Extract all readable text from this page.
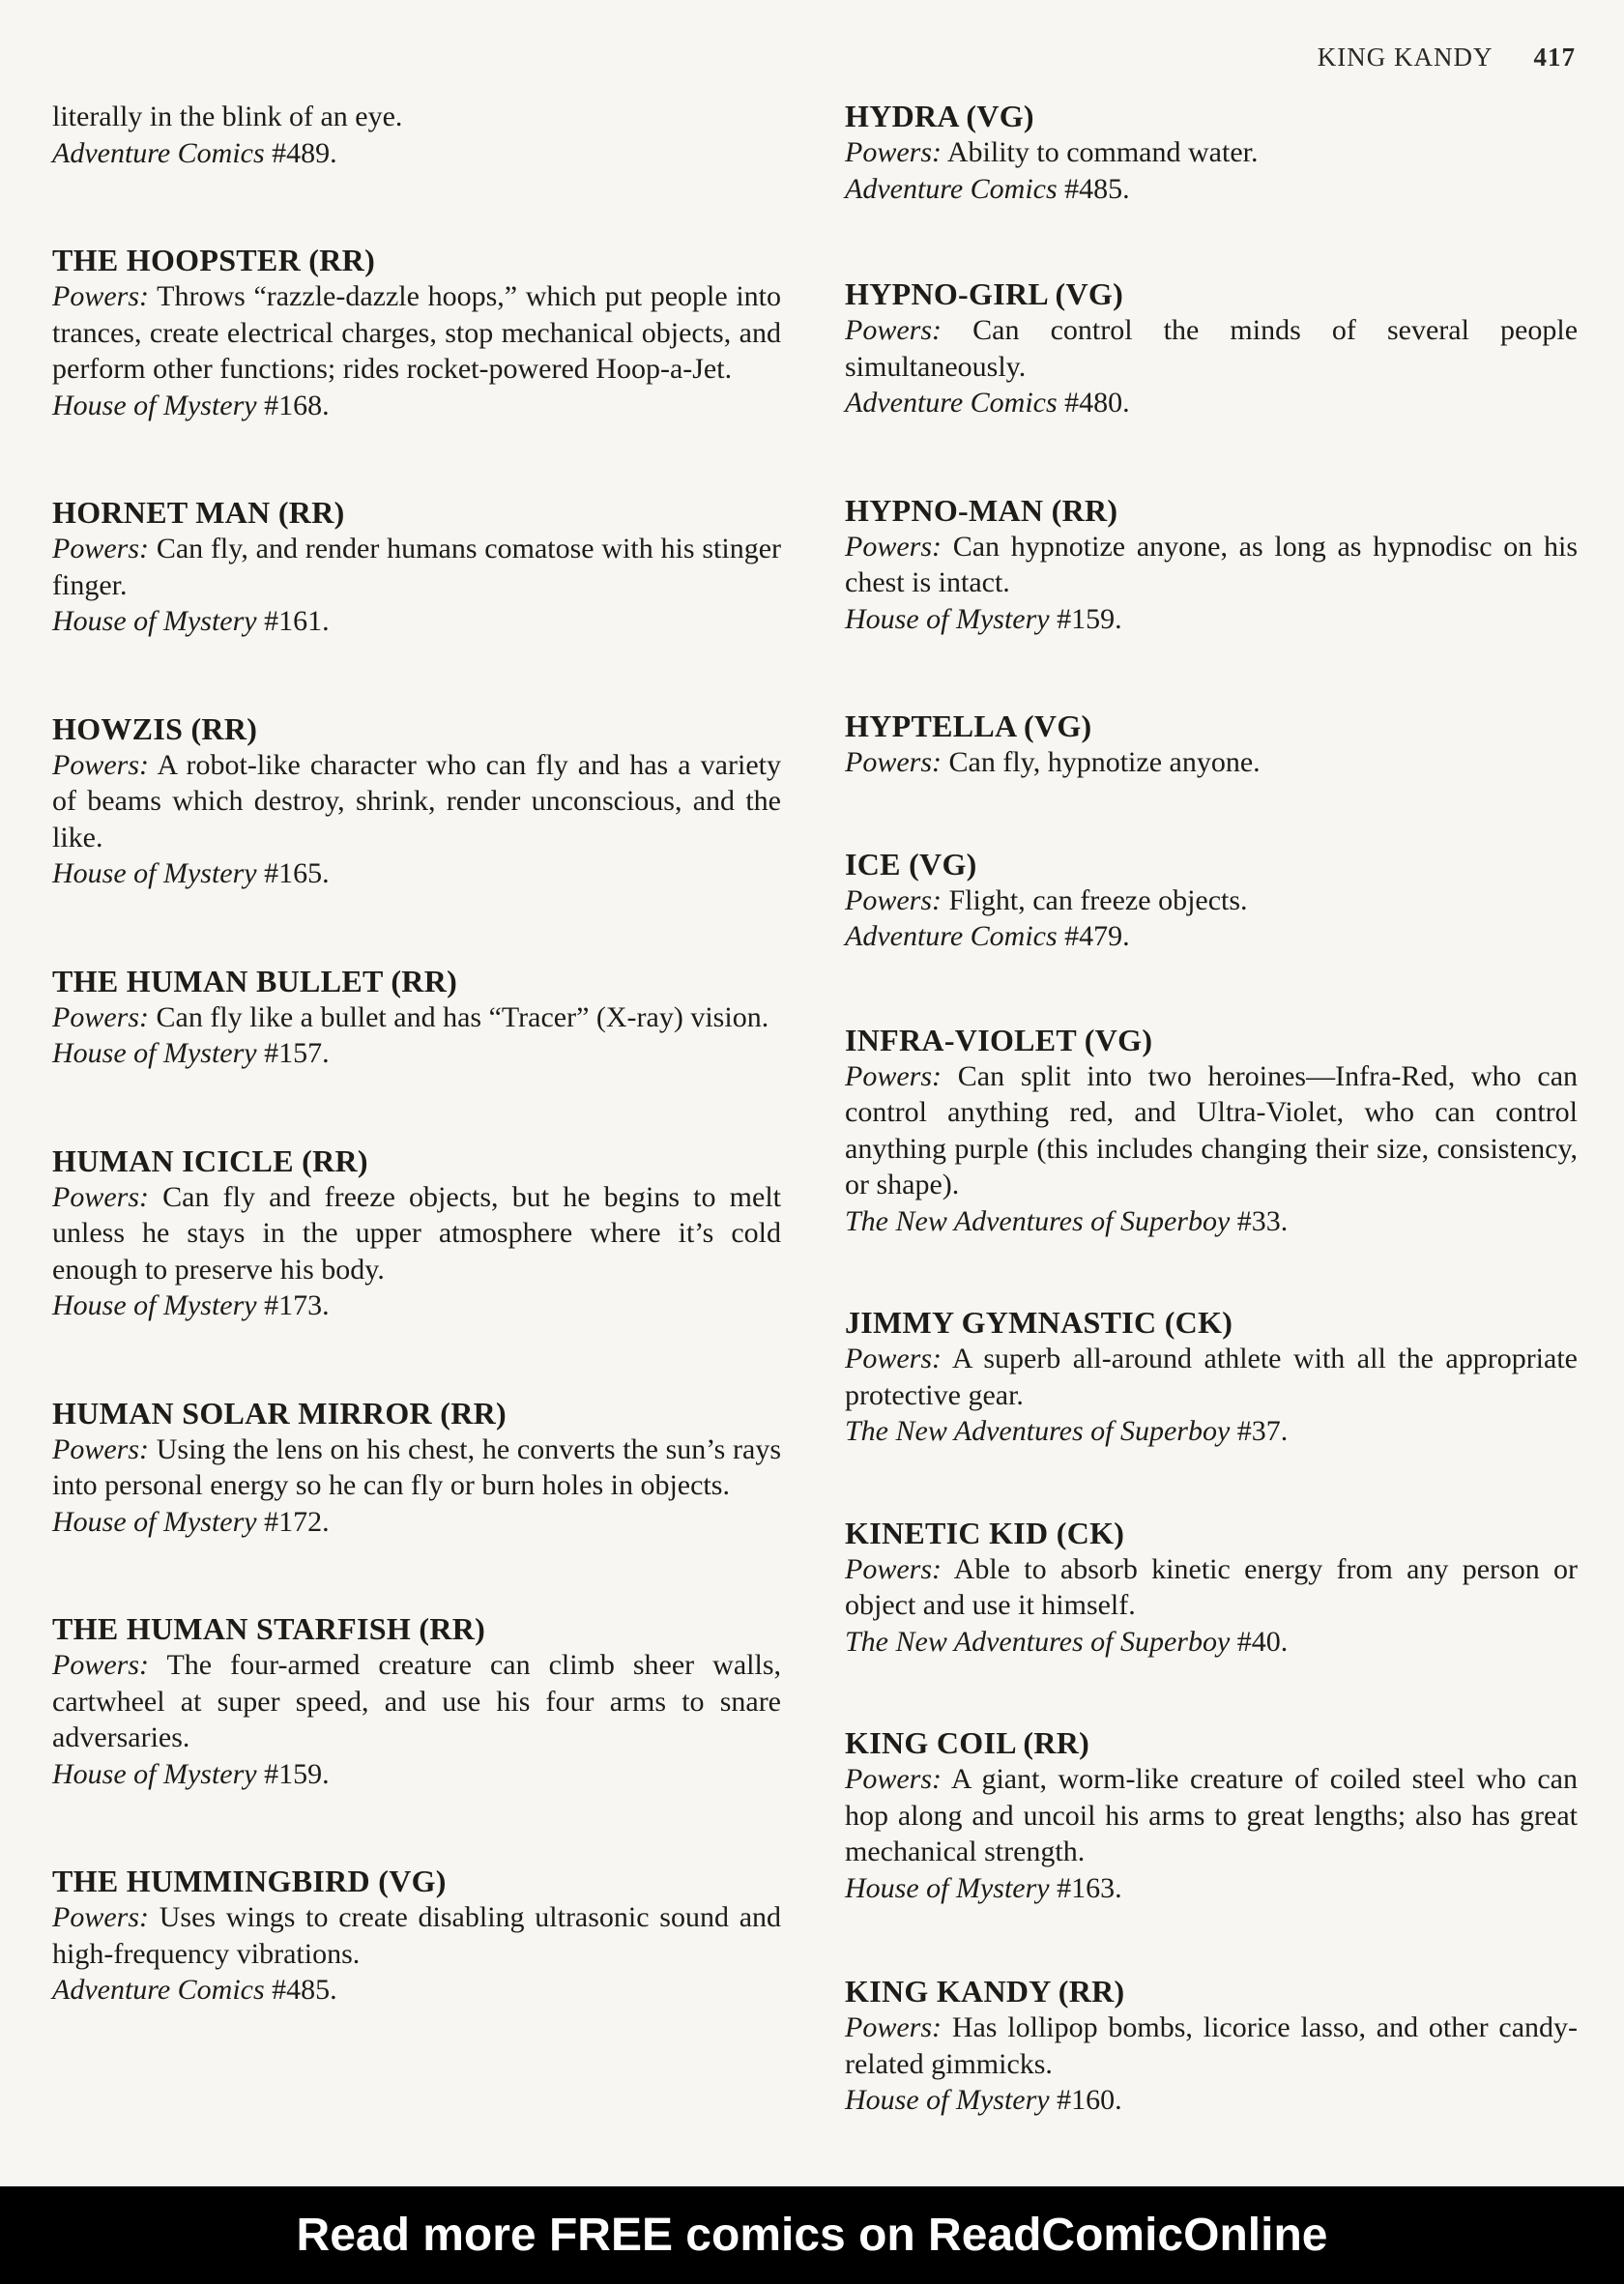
KING KANDY 417

literally in the blink of an eye.

Adventure Comics #489.

THE HOOPSTER (RR)

Powers: Throws “razzle-dazzle hoops,” which put people into trances, create electrical charges, stop mechanical objects, and perform other functions; rides rocket-powered Hoop-a-Jet.

House of Mystery #168.

HORNET MAN (RR)

Powers: Can fly, and render humans comatose with his stinger finger.

House of Mystery #161.

HOWZIS (RR)

Powers: A robot-like character who can fly and has a variety of beams which destroy, shrink, render unconscious, and the like.

House of Mystery #165.

THE HUMAN BULLET (RR)

Powers: Can fly like a bullet and has “Tracer” (X-ray) vision.

House of Mystery #157.

HUMAN ICICLE (RR)

Powers: Can fly and freeze objects, but he begins to melt unless he stays in the upper atmosphere where it’s cold enough to preserve his body.

House of Mystery #173.

HUMAN SOLAR MIRROR (RR)

Powers: Using the lens on his chest, he converts the sun’s rays into personal energy so he can fly or burn holes in objects.

House of Mystery #172.

THE HUMAN STARFISH (RR)

Powers: The four-armed creature can climb sheer walls, cartwheel at super speed, and use his four arms to snare adversaries.

House of Mystery #159.

THE HUMMINGBIRD (VG)

Powers: Uses wings to create disabling ultrasonic sound and high-frequency vibrations.

Adventure Comics #485.

HYDRA (VG)

Powers: Ability to command water.

Adventure Comics #485.

HYPNO-GIRL (VG)

Powers: Can control the minds of several people simultaneously.

Adventure Comics #480.

HYPNO-MAN (RR)

Powers: Can hypnotize anyone, as long as hypnodisc on his chest is intact.

House of Mystery #159.

HYPTELLA (VG)

Powers: Can fly, hypnotize anyone.

ICE (VG)

Powers: Flight, can freeze objects.

Adventure Comics #479.

INFRA-VIOLET (VG)

Powers: Can split into two heroines—Infra-Red, who can control anything red, and Ultra-Violet, who can control anything purple (this includes changing their size, consistency, or shape).

The New Adventures of Superboy #33.

JIMMY GYMNASTIC (CK)

Powers: A superb all-around athlete with all the appropriate protective gear.

The New Adventures of Superboy #37.

KINETIC KID (CK)

Powers: Able to absorb kinetic energy from any person or object and use it himself.

The New Adventures of Superboy #40.

KING COIL (RR)

Powers: A giant, worm-like creature of coiled steel who can hop along and uncoil his arms to great lengths; also has great mechanical strength.

House of Mystery #163.

KING KANDY (RR)

Powers: Has lollipop bombs, licorice lasso, and other candy-related gimmicks.

House of Mystery #160.

Read more FREE comics on ReadComicOnline
